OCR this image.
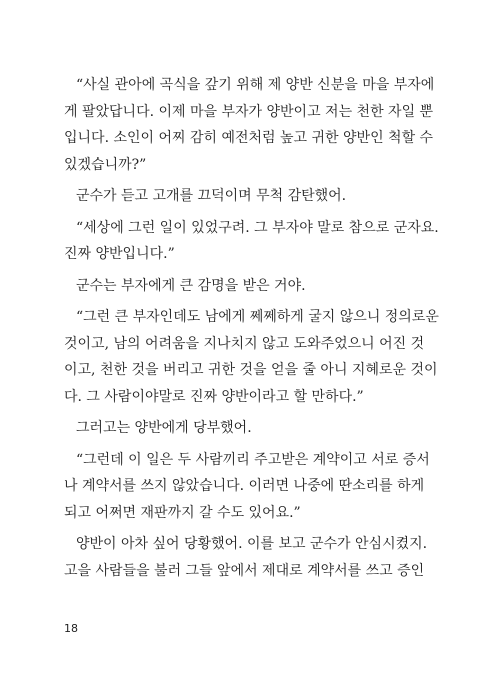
“사실 관아에 곡식을 갚기 위해 제 양반 신분을 마을 부자에
게 팔았답니다. 이제 마을 부자가 양반이고 저는 천한 자일 뿐
입니다. 소인이 어찌 감히 예전처럼 높고 귀한 양반인 척할 수
있겠습니까?”

군수가 듣고 고개를 끄덕이며 무척 감탄했어.

“세상에 그런 일이 있었구려. 그 부자야 말로 참으로 군자요.
진짜 양반입니다.”

군수는 부자에게 큰 감명을 받은 거야.

“그런 큰 부자인데도 남에게 쩨쩨하게 굴지 않으니 정의로운
것이고, 남의 어려움을 지나치지 않고 도와주었으니 어진 것
이고, 천한 것을 버리고 귀한 것을 얻을 줄 아니 지혜로운 것이
다. 그 사람이야말로 진짜 양반이라고 할 만하다.”

그러고는 양반에게 당부했어.

“그런데 이 일은 두 사람끼리 주고받은 계약이고 서로 증서
나 계약서를 쓰지 않았습니다. 이러면 나중에 딴소리를 하게
되고 어쩌면 재판까지 갈 수도 있어요.”

양반이 아차 싶어 당황했어. 이를 보고 군수가 안심시켰지.
고을 사람들을 불러 그들 앞에서 제대로 계약서를 쓰고 증인

18
